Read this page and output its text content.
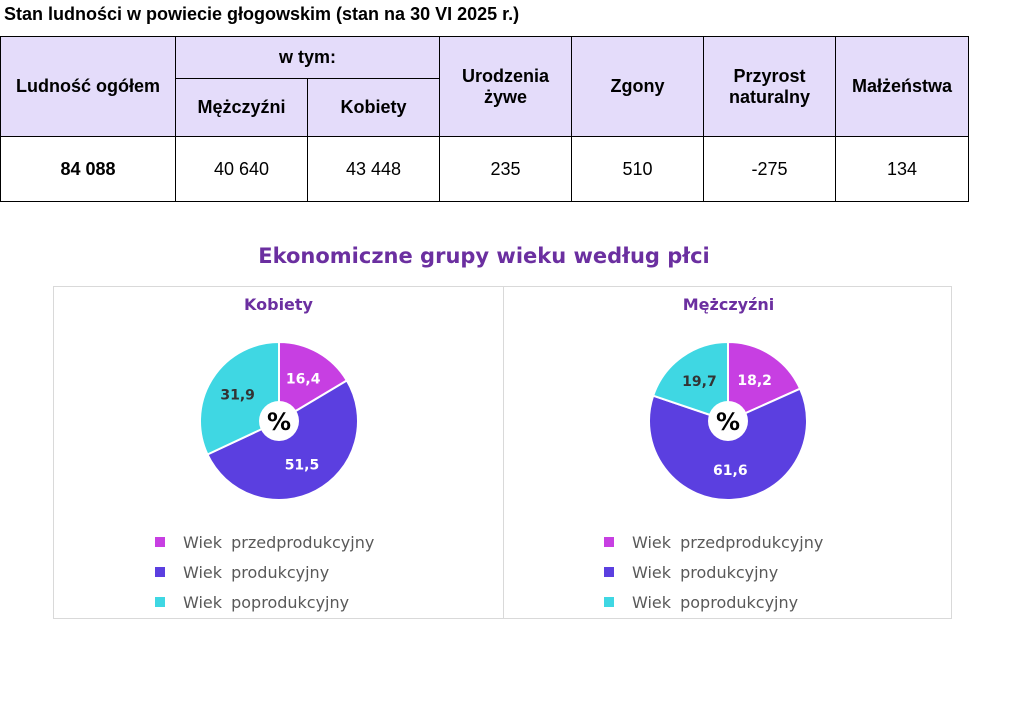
Stan ludności w powiecie głogowskim (stan na 30 VI 2025 r.)
Ludność ogółem	w tym:		Urodzenia żywe	Zgony	Przyrost naturalny	Małżeństwa
	Mężczyźni	Kobiety				
84 088	40 640	43 448	235	510	-275	134
Ekonomiczne grupy wieku według płci
Kobiety
16,4
51,5
31,9
%
Wiek przedprodukcyjny
Wiek produkcyjny
Wiek poprodukcyjny
Mężczyźni
18,2
61,6
19,7
%
Wiek przedprodukcyjny
Wiek produkcyjny
Wiek poprodukcyjny
